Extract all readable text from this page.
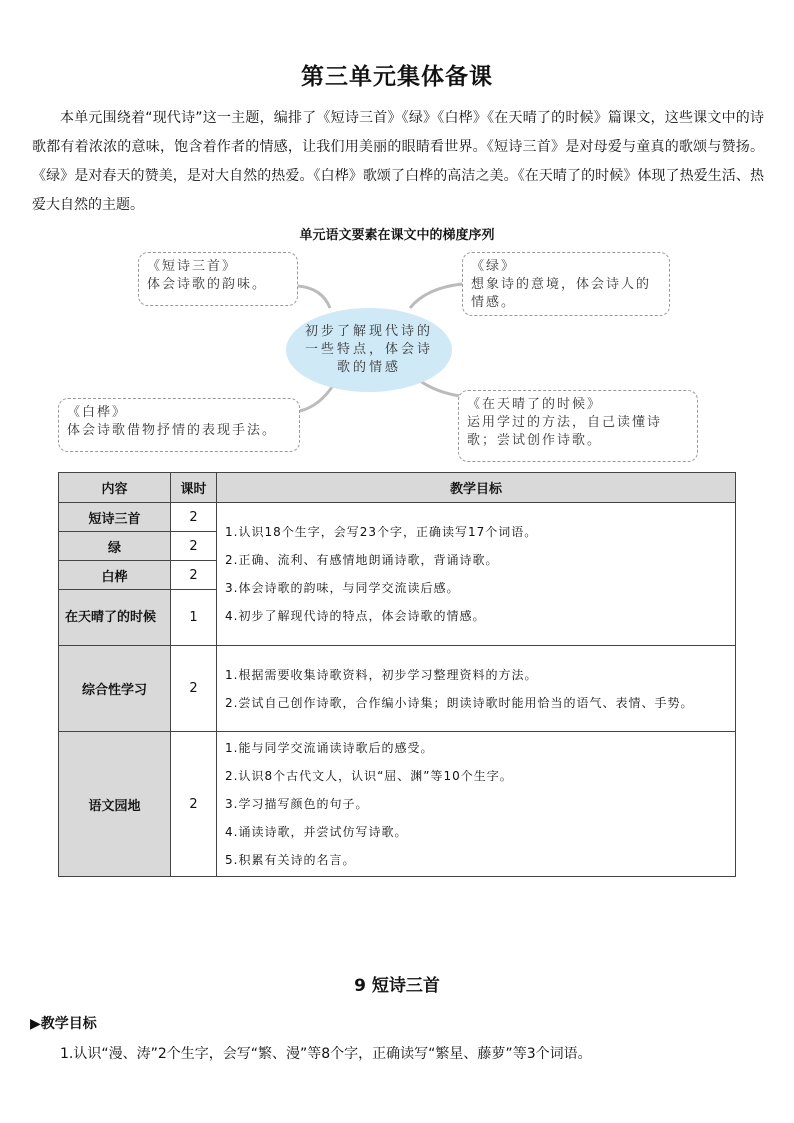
第三单元集体备课
本单元围绕着“现代诗”这一主题，编排了《短诗三首》《绿》《白桦》《在天晴了的时候》篇课文，这些课文中的诗歌都有着浓浓的意味，饱含着作者的情感，让我们用美丽的眼睛看世界。《短诗三首》是对母爱与童真的歌颂与赞扬。《绿》是对春天的赞美，是对大自然的热爱。《白桦》歌颂了白桦的高洁之美。《在天晴了的时候》体现了热爱生活、热爱大自然的主题。
单元语文要素在课文中的梯度序列
《短诗三首》
体会诗歌的韵味。
《绿》
想象诗的意境，体会诗人的情感。
初步了解现代诗的一些特点，体会诗歌的情感
《白桦》
体会诗歌借物抒情的表现手法。
《在天晴了的时候》
运用学过的方法，自己读懂诗歌；尝试创作诗歌。
内容	课时	教学目标
短诗三首	2	1.认识18个生字，会写23个字，正确读写17个词语。

2.正确、流利、有感情地朗诵诗歌，背诵诗歌。

3.体会诗歌的韵味，与同学交流读后感。

4.初步了解现代诗的特点，体会诗歌的情感。

绿	2	
白桦	2	
在天晴了的时候	1	
综合性学习	2	1.根据需要收集诗歌资料，初步学习整理资料的方法。

2.尝试自己创作诗歌，合作编小诗集；朗读诗歌时能用恰当的语气、表情、手势。

语文园地	2	1.能与同学交流诵读诗歌后的感受。

2.认识8个古代文人，认识“屈、渊”等10个生字。

3.学习描写颜色的句子。

4.诵读诗歌，并尝试仿写诗歌。

5.积累有关诗的名言。

9 短诗三首
▶教学目标
1.认识“漫、涛”2个生字，会写“繁、漫”等8个字，正确读写“繁星、藤萝”等3个词语。
